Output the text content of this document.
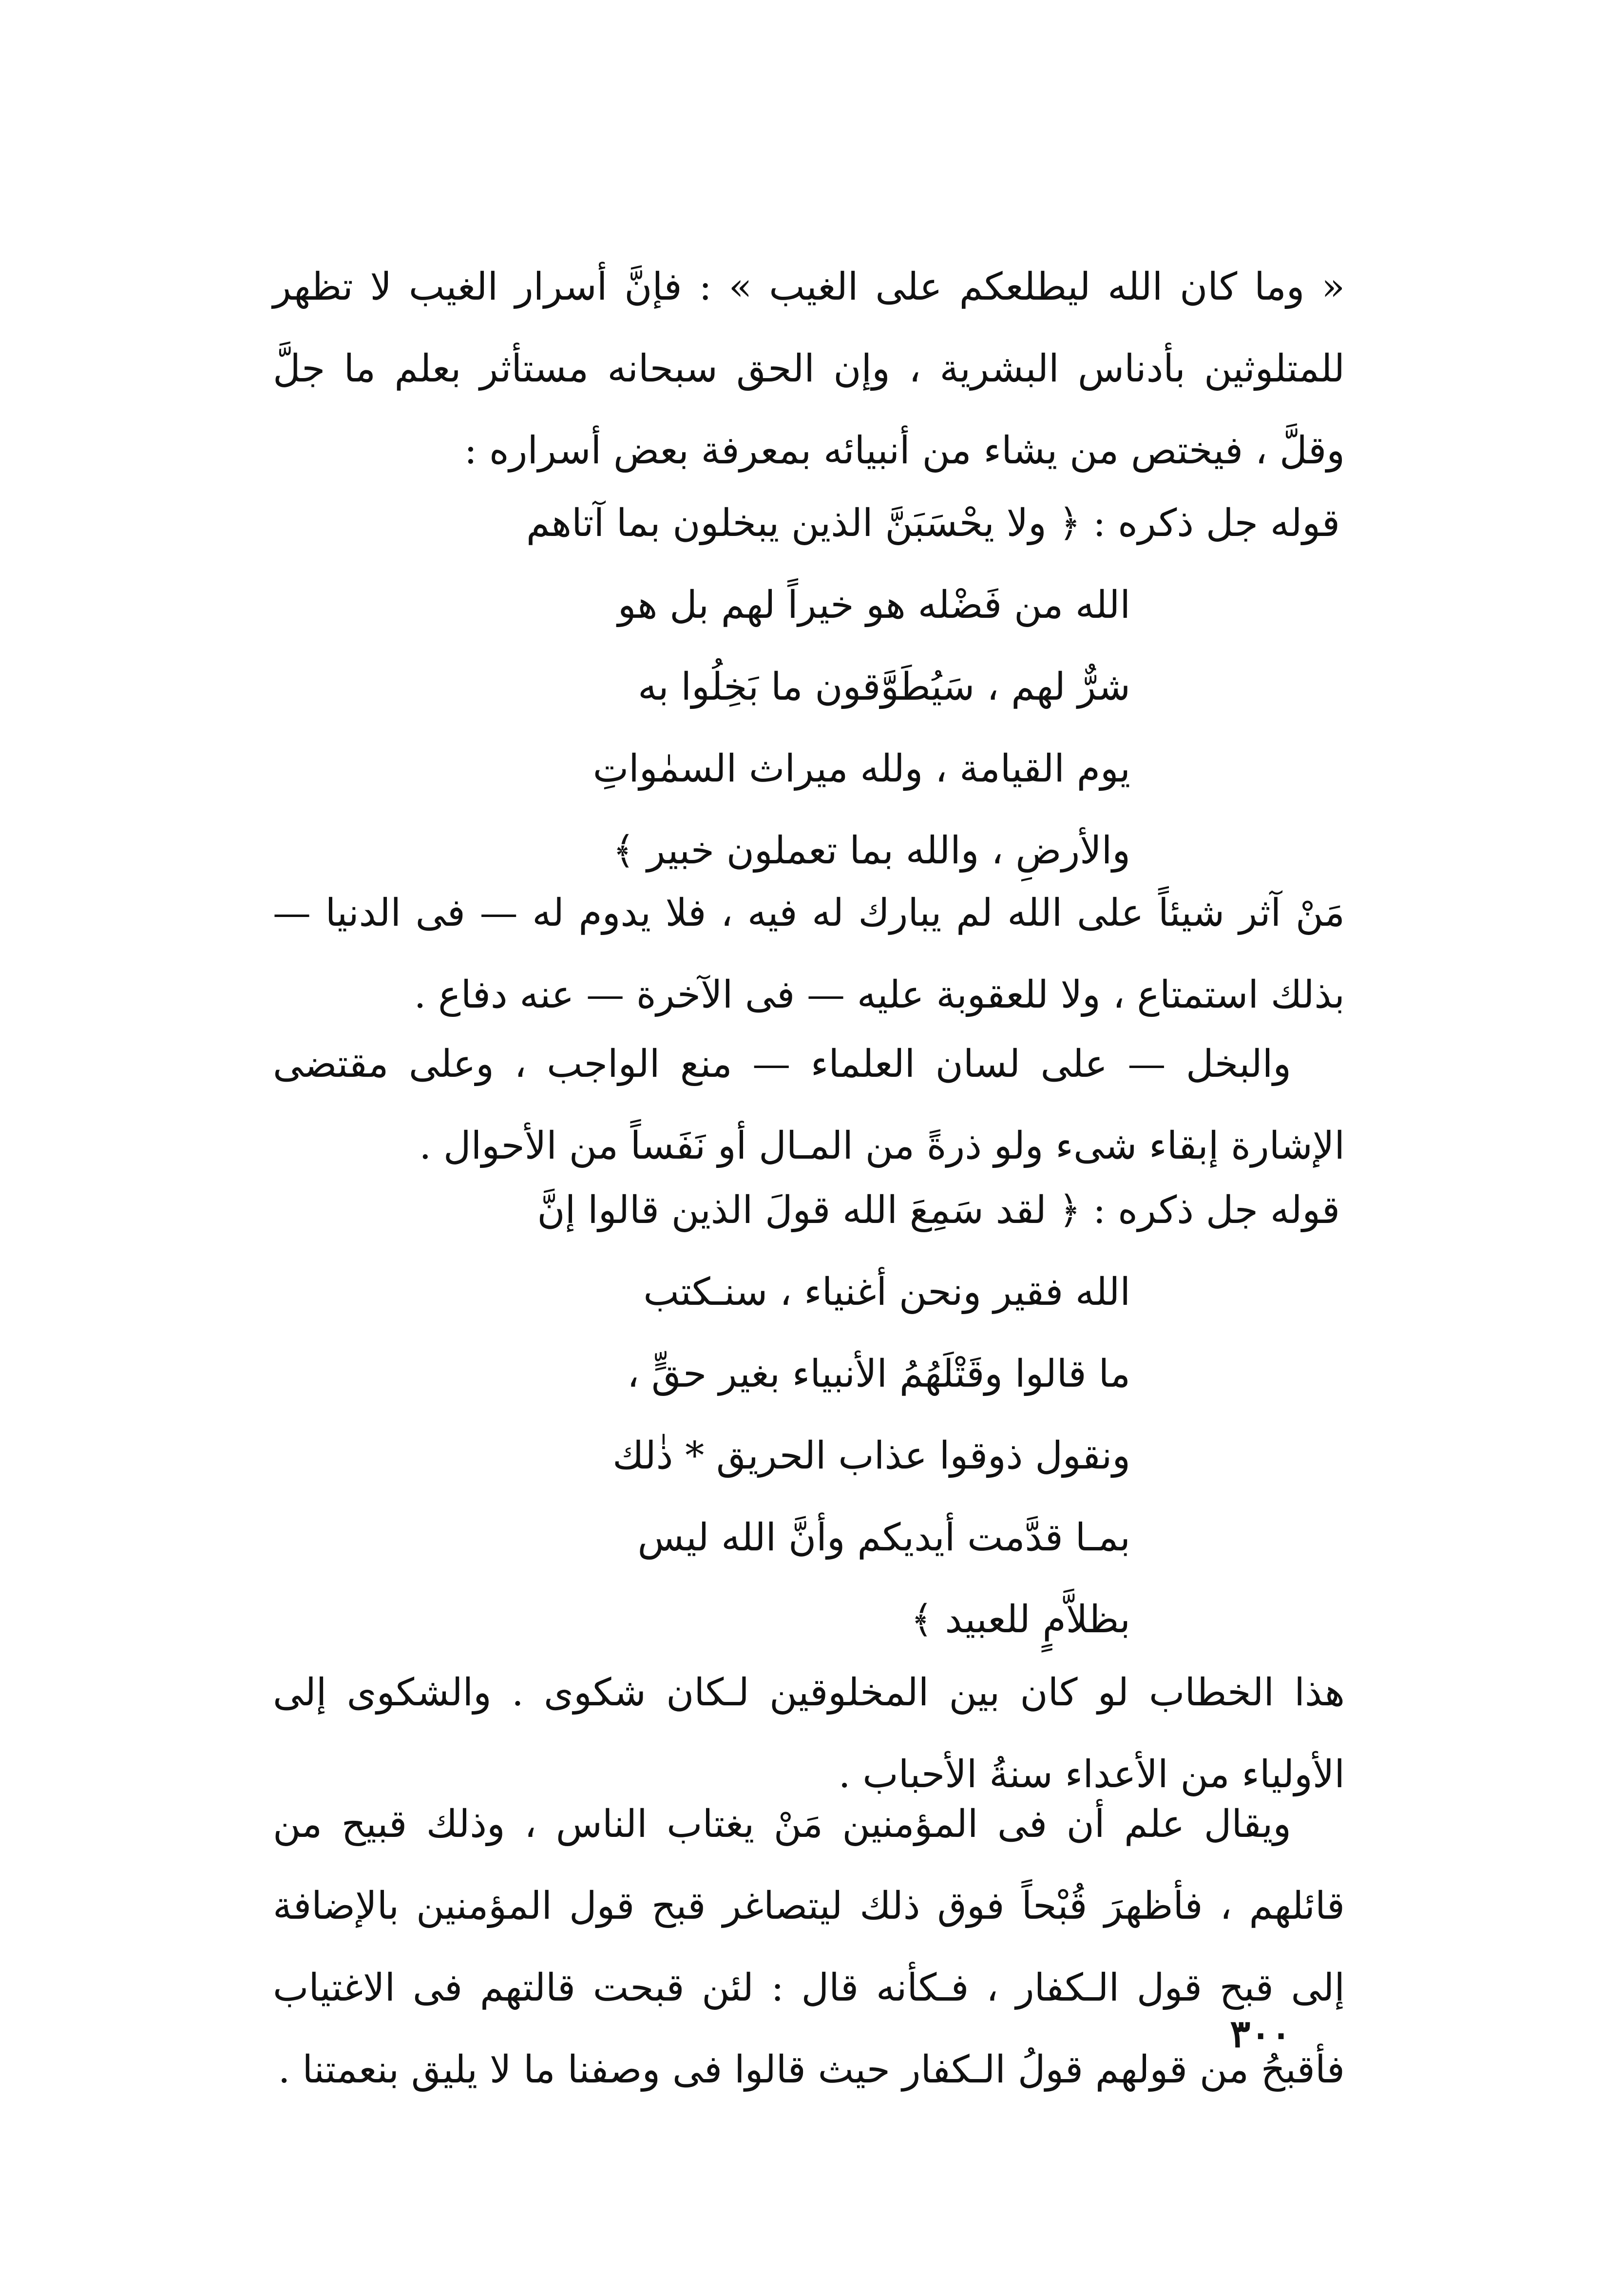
« وما كان الله ليطلعكم على الغيب » : فإنَّ أسرار الغيب لا تظهر للمتلوثين بأدناس البشرية ، وإن الحق سبحانه مستأثر بعلم ما جلَّ وقلَّ ، فيختص من يشاء من أنبيائه بمعرفة بعض أسراره :

قوله جل ذكره : ﴿ ولا يحْسَبَنَّ الذين يبخلون بما آتاهم
الله من فَضْله هو خيراً لهم بل هو
شرٌّ لهم ، سَيُطَوَّقون ما بَخِلُوا به
يوم القيامة ، ولله ميراث السمٰواتِ
والأرضِ ، والله بما تعملون خبير ﴾

مَنْ آثر شيئاً على الله لم يبارك له فيه ، فلا يدوم له — فى الدنيا — بذلك استمتاع ، ولا للعقوبة عليه — فى الآخرة — عنه دفاع .

والبخل — على لسان العلماء — منع الواجب ، وعلى مقتضى الإشارة إبقاء شىء ولو ذرةً من المـال أو نَفَساً من الأحوال .

قوله جل ذكره : ﴿ لقد سَمِعَ الله قولَ الذين قالوا إنَّ
الله فقير ونحن أغنياء ، سنـكتب
ما قالوا وقَتْلَهُمُ الأنبياء بغير حقٍّ ،
ونقول ذوقوا عذاب الحريق * ذٰلك
بمـا قدَّمت أيديكم وأنَّ الله ليس
بظلاَّمٍ للعبيد ﴾

هذا الخطاب لو كان بين المخلوقين لـكان شكوى . والشكوى إلى الأولياء من الأعداء سنةُ الأحباب .

ويقال علم أن فى المؤمنين مَنْ يغتاب الناس ، وذلك قبيح من قائلهم ، فأظهرَ قُبْحاً فوق ذلك ليتصاغر قبح قول المؤمنين بالإضافة إلى قبح قول الـكفار ، فـكأنه قال : لئن قبحت قالتهم فى الاغتياب فأقبحُ من قولهم قولُ الـكفار حيث قالوا فى وصفنا ما لا يليق بنعمتنا .

٣٠٠
